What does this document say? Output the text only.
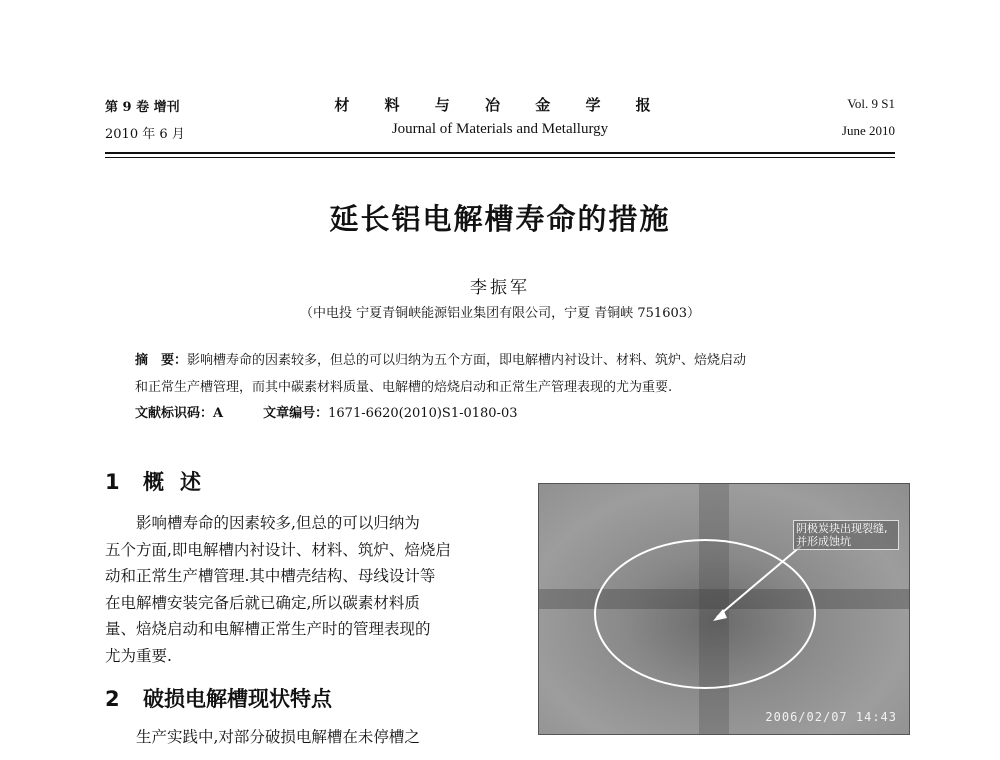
第 9 卷 增刊
2010 年 6 月
材 料 与 冶 金 学 报
Journal of Materials and Metallurgy
Vol. 9 S1
June 2010
延长铝电解槽寿命的措施
李振军
（中电投 宁夏青铜峡能源铝业集团有限公司，宁夏 青铜峡 751603）
摘　要：影响槽寿命的因素较多，但总的可以归纳为五个方面，即电解槽内衬设计、材料、筑炉、焙烧启动
和正常生产槽管理，而其中碳素材料质量、电解槽的焙烧启动和正常生产管理表现的尤为重要.
文献标识码：A	文章编号：1671-6620(2010)S1-0180-03
1 概述
　　影响槽寿命的因素较多,但总的可以归纳为
五个方面,即电解槽内衬设计、材料、筑炉、焙烧启
动和正常生产槽管理.其中槽壳结构、母线设计等
在电解槽安装完备后就已确定,所以碳素材料质
量、焙烧启动和电解槽正常生产时的管理表现的
尤为重要.
2 破损电解槽现状特点
　　生产实践中,对部分破损电解槽在未停槽之
阴极炭块出现裂缝,并形成蚀坑
2006/02/07 14:43
